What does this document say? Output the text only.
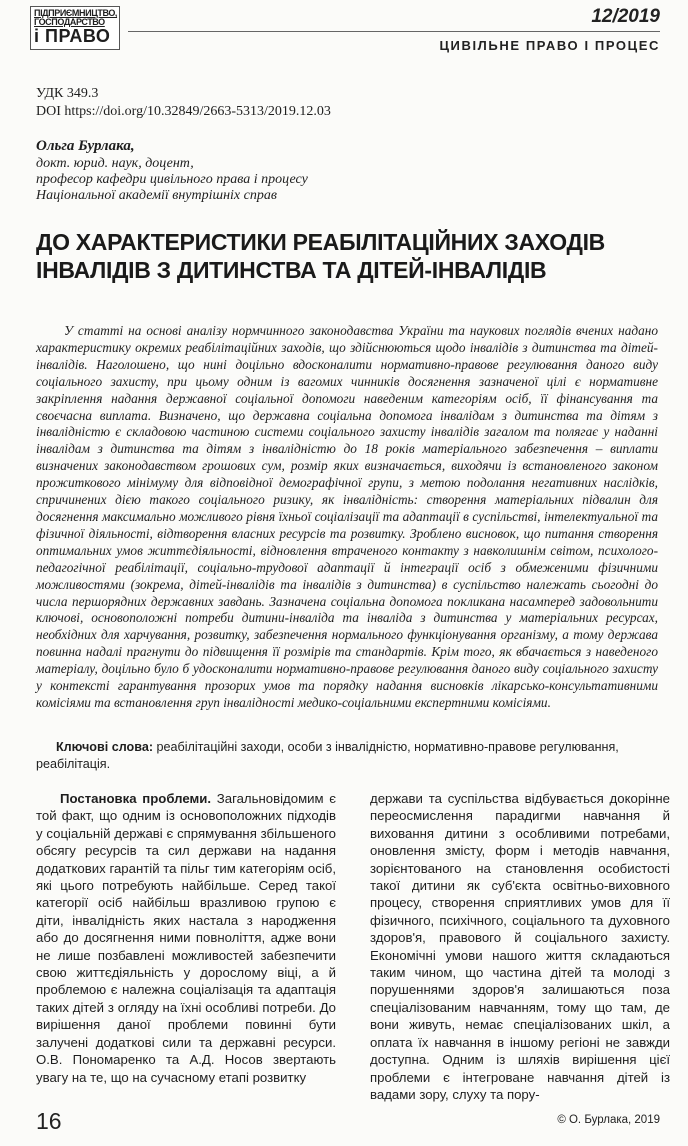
ПІДПРИЄМНИЦТВО,
ГОСПОДАРСТВО
і ПРАВО
12/2019
ЦИВІЛЬНЕ ПРАВО І ПРОЦЕС
УДК 349.3
DOI https://doi.org/10.32849/2663-5313/2019.12.03
Ольга Бурлака,
докт. юрид. наук, доцент,
професор кафедри цивільного права і процесу
Національної академії внутрішніх справ
ДО ХАРАКТЕРИСТИКИ РЕАБІЛІТАЦІЙНИХ ЗАХОДІВ ІНВАЛІДІВ З ДИТИНСТВА ТА ДІТЕЙ-ІНВАЛІДІВ

У статті на основі аналізу нормчинного законодавства України та наукових поглядів вчених надано характеристику окремих реабілітаційних заходів, що здійснюються щодо інвалідів з дитинства та дітей-інвалідів. Наголошено, що нині доцільно вдосконалити нормативно-правове регулювання даного виду соціального захисту, при цьому одним із вагомих чинників досягнення зазначеної цілі є нормативне закріплення надання державної соціальної допомоги наведеним категоріям осіб, її фінансування та своєчасна виплата. Визначено, що державна соціальна допомога інвалідам з дитинства та дітям з інвалідністю є складовою частиною системи соціального захисту інвалідів загалом та полягає у наданні інвалідам з дитинства та дітям з інвалідністю до 18 років матеріального забезпечення – виплати визначених законодавством грошових сум, розмір яких визначається, виходячи із встановленого законом прожиткового мінімуму для відповідної демографічної групи, з метою подолання негативних наслідків, спричинених дією такого соціального ризику, як інвалідність: створення матеріальних підвалин для досягнення максимально можливого рівня їхньої соціалізації та адаптації в суспільстві, інтелектуальної та фізичної діяльності, відтворення власних ресурсів та розвитку. Зроблено висновок, що питання створення оптимальних умов життєдіяльності, відновлення втраченого контакту з навколишнім світом, психолого-педагогічної реабілітації, соціально-трудової адаптації й інтеграції осіб з обмеженими фізичними можливостями (зокрема, дітей-інвалідів та інвалідів з дитинства) в суспільство належать сьогодні до числа першорядних державних завдань. Зазначена соціальна допомога покликана насамперед задовольнити ключові, основоположні потреби дитини-інваліда та інваліда з дитинства у матеріальних ресурсах, необхідних для харчування, розвитку, забезпечення нормального функціонування організму, а тому держава повинна надалі прагнути до підвищення її розмірів та стандартів. Крім того, як вбачається з наведеного матеріалу, доцільно було б удосконалити нормативно-правове регулювання даного виду соціального захисту у контексті гарантування прозорих умов та порядку надання висновків лікарсько-консультативними комісіями та встановлення груп інвалідності медико-соціальними експертними комісіями.

Ключові слова: реабілітаційні заходи, особи з інвалідністю, нормативно-правове регулювання, реабілітація.

Постановка проблеми. Загальновідомим є той факт, що одним із основоположних підходів у соціальній державі є спрямування збільшеного обсягу ресурсів та сил держави на надання додаткових гарантій та пільг тим категоріям осіб, які цього потребують найбільше. Серед такої категорії осіб найбільш вразливою групою є діти, інвалідність яких настала з народження або до досягнення ними повноліття, адже вони не лише позбавлені можливостей забезпечити свою життєдіяльність у дорослому віці, а й проблемою є належна соціалізація та адаптація таких дітей з огляду на їхні особливі потреби. До вирішення даної проблеми повинні бути залучені додаткові сили та державні ресурси. О.В. Пономаренко та А.Д. Носов звертають увагу на те, що на сучасному етапі розвитку

держави та суспільства відбувається докорінне переосмислення парадигми навчання й виховання дитини з особливими потребами, оновлення змісту, форм і методів навчання, зорієнтованого на становлення особистості такої дитини як суб'єкта освітньо-виховного процесу, створення сприятливих умов для її фізичного, психічного, соціального та духовного здоров'я, правового й соціального захисту. Економічні умови нашого життя складаються таким чином, що частина дітей та молоді з порушеннями здоров'я залишаються поза спеціалізованим навчанням, тому що там, де вони живуть, немає спеціалізованих шкіл, а оплата їх навчання в іншому регіоні не завжди доступна. Одним із шляхів вирішення цієї проблеми є інтегроване навчання дітей із вадами зору, слуху та пору-

16	© О. Бурлака, 2019
